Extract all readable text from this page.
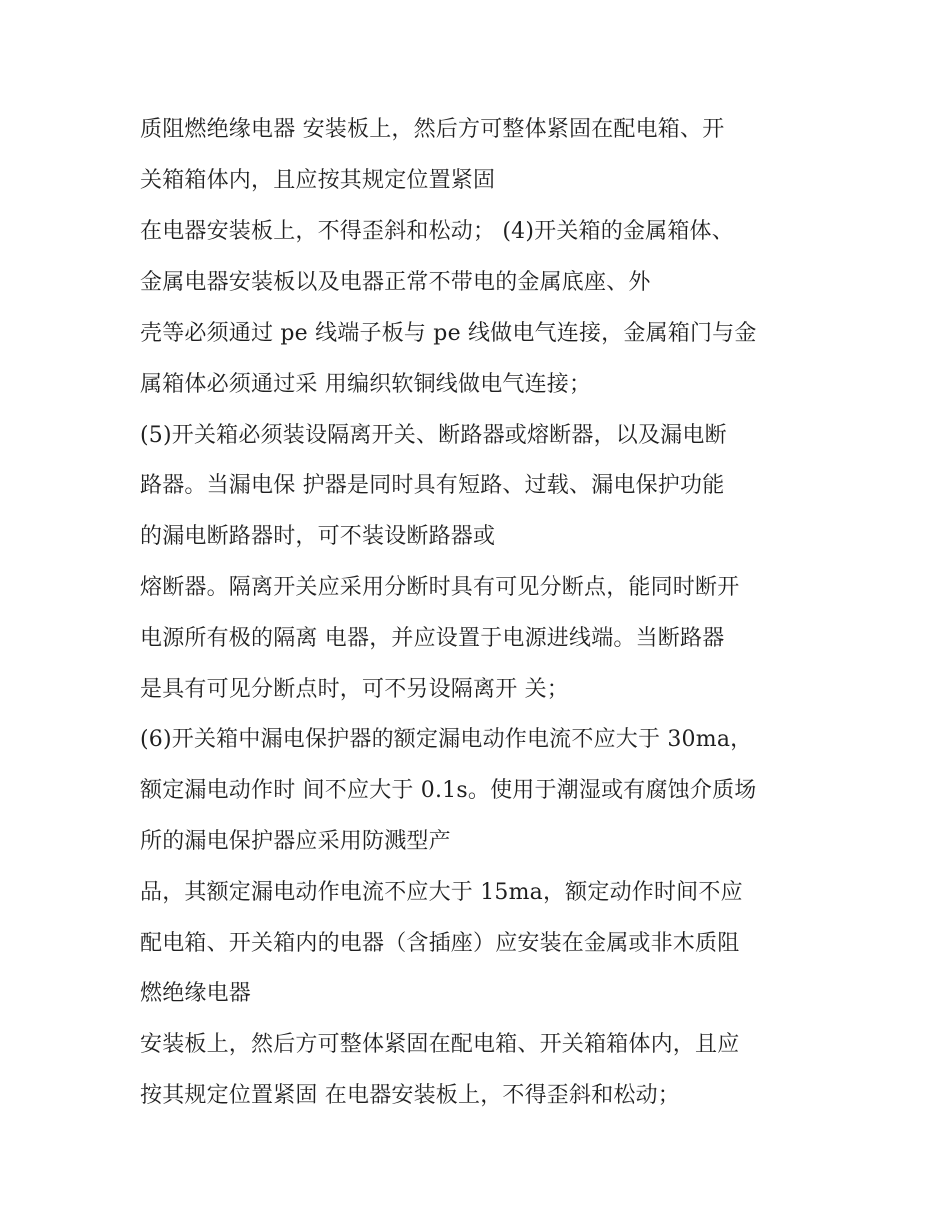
质阻燃绝缘电器 安装板上，然后方可整体紧固在配电箱、开
关箱箱体内，且应按其规定位置紧固
在电器安装板上，不得歪斜和松动； (4)开关箱的金属箱体、
金属电器安装板以及电器正常不带电的金属底座、外
壳等必须通过 pe 线端子板与 pe 线做电气连接，金属箱门与金
属箱体必须通过采 用编织软铜线做电气连接；
(5)开关箱必须装设隔离开关、断路器或熔断器，以及漏电断
路器。当漏电保 护器是同时具有短路、过载、漏电保护功能
的漏电断路器时，可不装设断路器或
熔断器。隔离开关应采用分断时具有可见分断点，能同时断开
电源所有极的隔离 电器，并应设置于电源进线端。当断路器
是具有可见分断点时，可不另设隔离开 关；
(6)开关箱中漏电保护器的额定漏电动作电流不应大于 30ma，
额定漏电动作时 间不应大于 0.1s。使用于潮湿或有腐蚀介质场
所的漏电保护器应采用防溅型产
品，其额定漏电动作电流不应大于 15ma，额定动作时间不应
配电箱、开关箱内的电器（含插座）应安装在金属或非木质阻
燃绝缘电器
安装板上，然后方可整体紧固在配电箱、开关箱箱体内，且应
按其规定位置紧固 在电器安装板上，不得歪斜和松动；
